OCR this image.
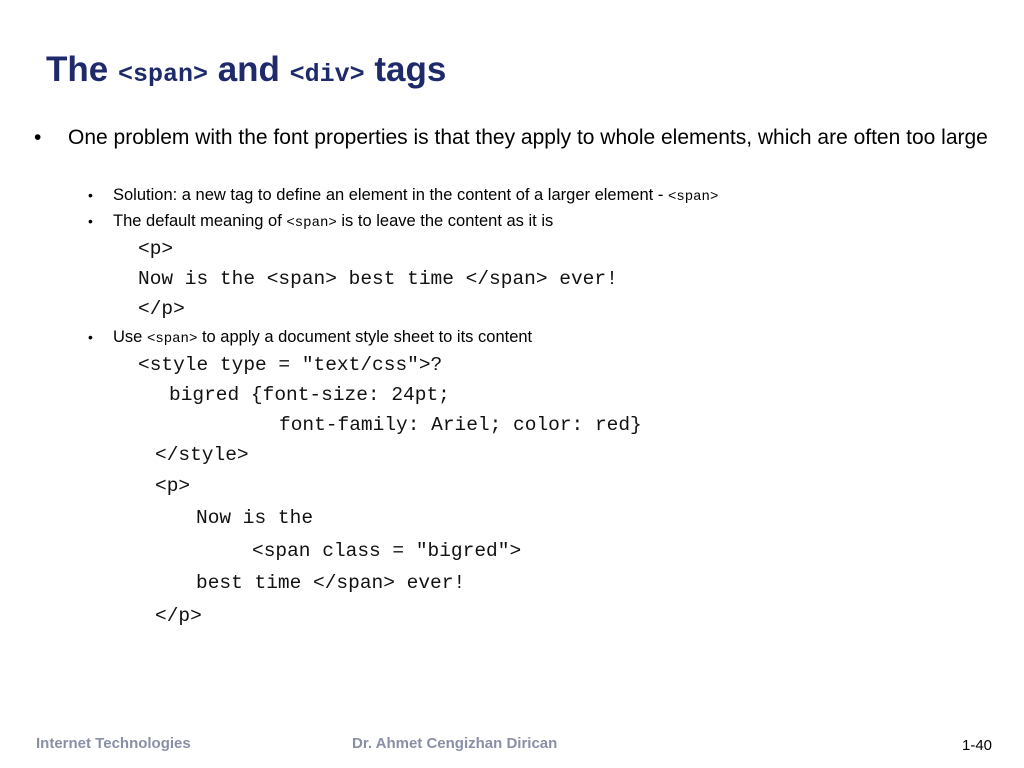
The <span> and <div> tags
• One problem with the font properties is that they apply to whole elements, which are often too large
• Solution: a new tag to define an element in the content of a larger element - <span>
• The default meaning of <span> is to leave the content as it is
<p>
Now is the <span> best time </span> ever!
</p>
• Use <span> to apply a document style sheet to its content
<style type = "text/css">?
bigred {font-size: 24pt;
font-family: Ariel; color: red}
</style>
<p>
Now is the
<span class = "bigred">
best time </span> ever!
</p>
Internet Technologies	Dr. Ahmet Cengizhan Dirican	1-40
